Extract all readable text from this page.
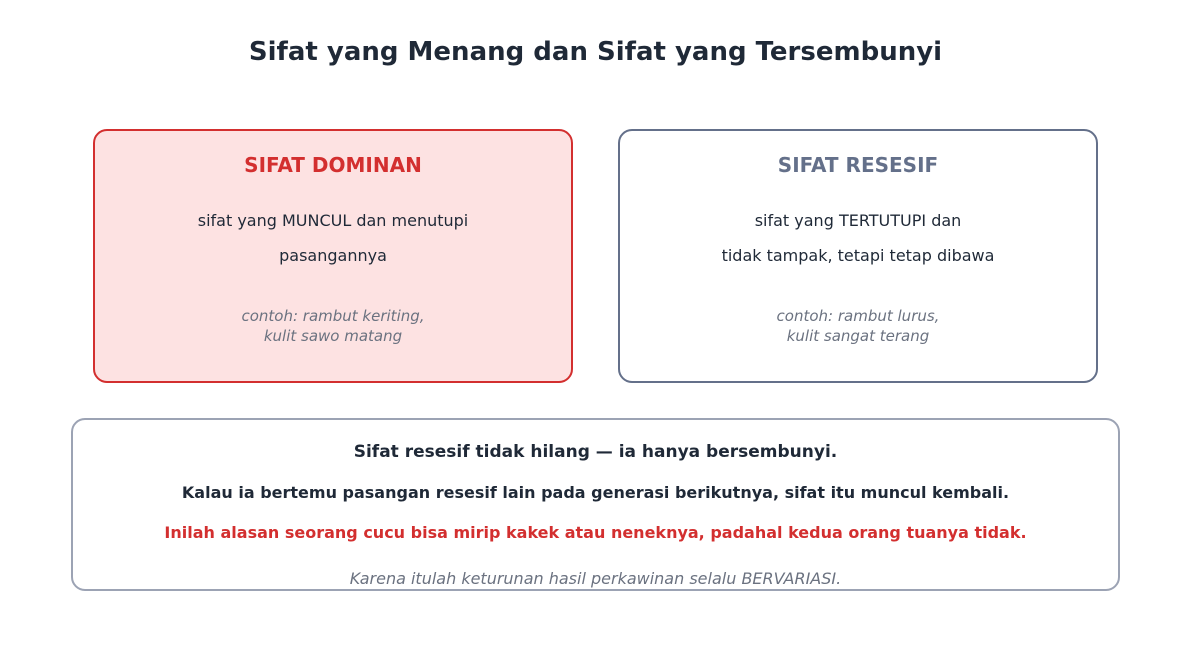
Sifat yang Menang dan Sifat yang Tersembunyi
SIFAT DOMINAN
sifat yang MUNCUL dan menutupi
pasangannya
contoh: rambut keriting,
kulit sawo matang
SIFAT RESESIF
sifat yang TERTUTUPI dan
tidak tampak, tetapi tetap dibawa
contoh: rambut lurus,
kulit sangat terang
Sifat resesif tidak hilang — ia hanya bersembunyi.
Kalau ia bertemu pasangan resesif lain pada generasi berikutnya, sifat itu muncul kembali.
Inilah alasan seorang cucu bisa mirip kakek atau neneknya, padahal kedua orang tuanya tidak.
Karena itulah keturunan hasil perkawinan selalu BERVARIASI.
